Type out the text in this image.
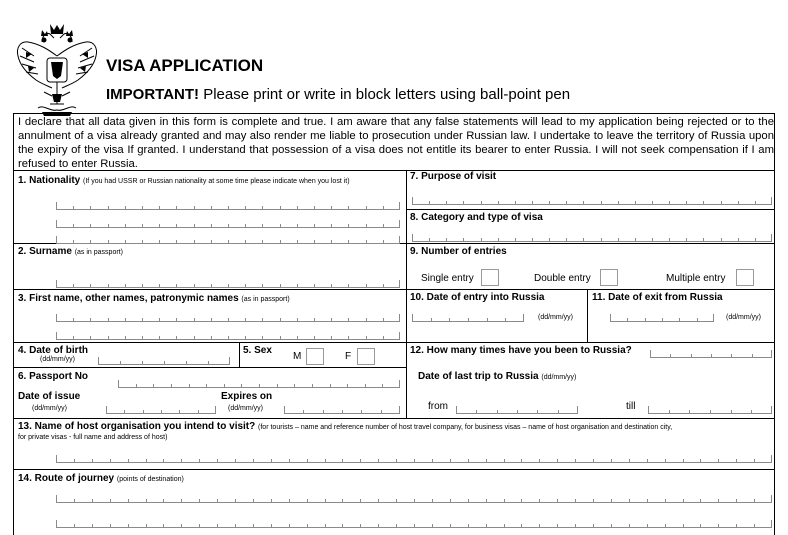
VISA APPLICATION
IMPORTANT! Please print or write in block letters using ball-point pen
I declare that all data given in this form is complete and true. I am aware that any false statements will lead to my application being rejected or to the annulment of a visa already granted and may also render me liable to prosecution under Russian law. I undertake to leave the territory of Russia upon the expiry of the visa If granted. I understand that possession of a visa does not entitle its bearer to enter Russia. I will not seek compensation if I am refused to enter Russia.
1. Nationality (If you had USSR or Russian nationality at some time please indicate when you lost it)	7. Purpose of visit
8. Category and type of visa
2. Surname (as in passport)	9. Number of entries
Single entry	Double entry	Multiple entry
3. First name, other names, patronymic names (as in passport)	10. Date of entry into Russia
(dd/mm/yy)
11. Date of exit from Russia
(dd/mm/yy)
4. Date of birth
(dd/mm/yy)
5. Sex
M	F
12. How many times have you been to Russia?
6. Passport No	Date of last trip to Russia (dd/mm/yy)
from	till
Date of issue
(dd/mm/yy)
Expires on
(dd/mm/yy)
13. Name of host organisation you intend to visit? (for tourists – name and reference number of host travel company, for business visas – name of host organisation and destination city,
for private visas - full name and address of host)
14. Route of journey (points of destination)
